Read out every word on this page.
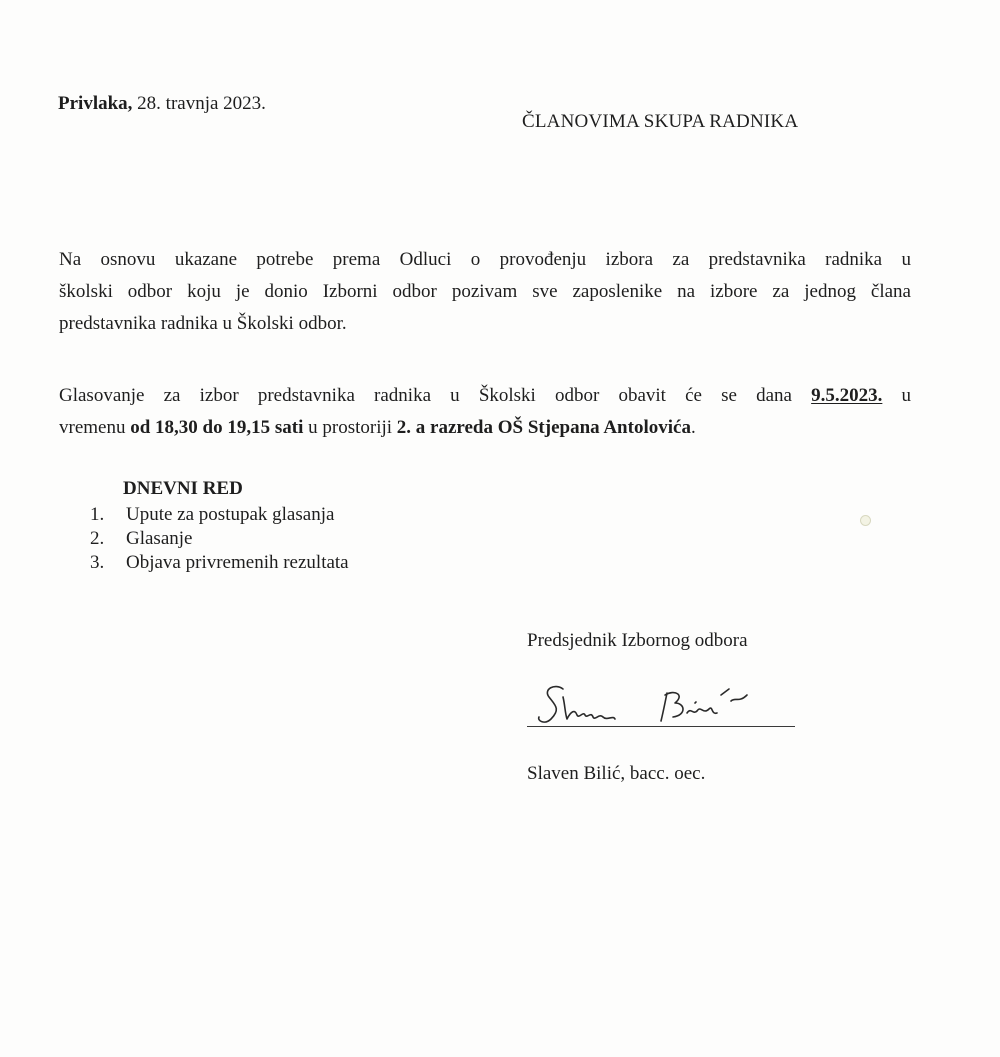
Privlaka, 28. travnja 2023.
ČLANOVIMA SKUPA RADNIKA
Na osnovu ukazane potrebe prema Odluci o provođenju izbora za predstavnika radnika u
školski odbor koju je donio Izborni odbor pozivam sve zaposlenike na izbore za jednog člana
predstavnika radnika u Školski odbor.
Glasovanje za izbor predstavnika radnika u Školski odbor obavit će se dana 9.5.2023. u
vremenu od 18,30 do 19,15 sati u prostoriji 2. a razreda OŠ Stjepana Antolovića.
DNEVNI RED
1.	Upute za postupak glasanja
2.	Glasanje
3.	Objava privremenih rezultata
Predsjednik Izbornog odbora
Slaven Bilić, bacc. oec.
